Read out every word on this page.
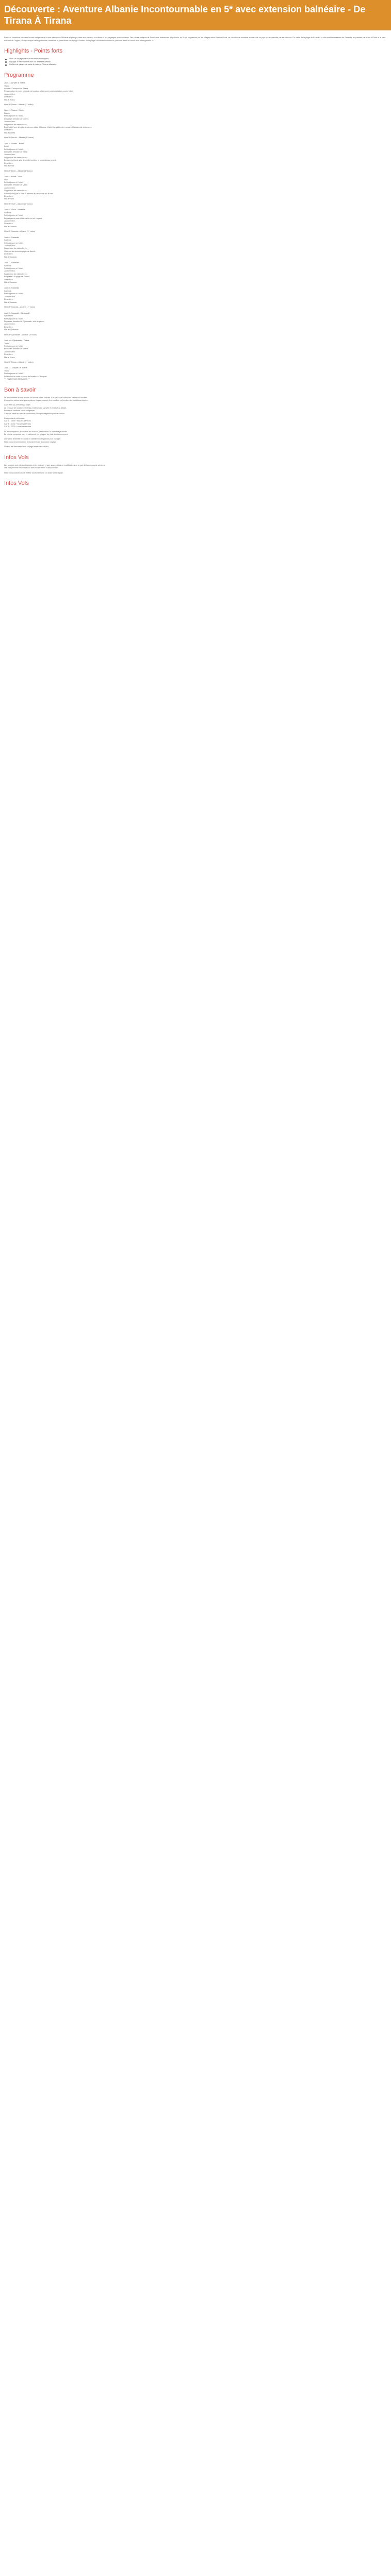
Découverte : Aventure Albanie Incontournable en 5* avec extension balnéaire - De Tirana À Tirana

Partez à l'aventure à travers le nord malgache de la mer découvrez l'Albanie et plongez dans son histoire, sa culture et ses paysages spectaculaires. Des ruines antiques de Durrës aux forteresses d'Apollonie, du Kruja en passant par les villages entre Vlorë et Berat, ce circuit vous emmène au cœur de ce pays qui surprendra par sa richesse. Du sable de la plage de Ksamil à la côte méditerranéenne de Saranda, en passant par le lac d'Ohrid et le parc national de Llogara, chaque étape mélange histoire, traditions et panoramas de voyage. Profitez de la plage à Ksamil et finissez ce parcours dans le confort d'un hébergement 5*.

Highlights - Points forts
Vivre un voyage entre la mer et les montagnes
Voyager à votre rythme avec un itinéraire détaillé
Profitez de plages de sable fin dans la Riviera albanaise
Programme
Jour 1 - Arrivée à Tirana

Tirana

Arrivée à l'aéroport de Tirana.

Récupération de votre véhicule de location à l'aéroport puis installation à votre hôtel.

Journée libre.

Dîner libre.

Nuit à Tirana.

Hôtel 5* Tirana – Albanie (1* inclus)

Jour 2 - Tirana - Durrës

Durrës

Petit-déjeuner à l'hôtel.

Départ en direction de Durrës.

Journée libre.

Suggestion de visites libres :

Durrës est l'une des plus anciennes villes d'Albanie. Visitez l'amphithéâtre romain et l'ensemble des ruines.

Dîner libre.

Nuit à Durrës.

Hôtel 5* Durrës – Albanie (1* inclus)

Jour 3 - Durrës - Berat

Berat

Petit-déjeuner à l'hôtel.

Départ en direction de Berat.

Journée libre.

Suggestion de visites libres :

Découvrez Berat, ville des mille fenêtres et son château perché.

Dîner libre.

Nuit à Berat.

Hôtel 5* Berat – Albanie (1* inclus)

Jour 4 - Berat - Vlora

Vlorë

Petit-déjeuner à l'hôtel.

Départ en direction de Vlora.

Journée libre.

Suggestion de visites libres :

Flânez le long de la côte et admirez le panorama sur la mer.

Dîner libre.

Nuit à Vlorë.

Hôtel 5* Vlorë – Albanie (1* inclus)

Jour 5 - Vlora - Saranda

Saranda

Petit-déjeuner à l'hôtel.

Départ par la route côtière et le col de Llogara.

Journée libre.

Dîner libre.

Nuit à Saranda.

Hôtel 5* Saranda – Albanie (1* inclus)

Jour 6 - Saranda

Saranda

Petit-déjeuner à l'hôtel.

Journée libre.

Suggestion de visites libres :

Visite du site archéologique de Butrint.

Dîner libre.

Nuit à Saranda.

Jour 7 - Saranda

Saranda

Petit-déjeuner à l'hôtel.

Journée libre.

Suggestion de visites libres :

Baignade à la plage de Ksamil.

Dîner libre.

Nuit à Saranda.

Jour 8 - Saranda

Saranda

Petit-déjeuner à l'hôtel.

Journée libre.

Dîner libre.

Nuit à Saranda.

Hôtel 5* Saranda – Albanie (1* inclus)

Jour 9 - Saranda - Gjirokastër

Gjirokastër

Petit-déjeuner à l'hôtel.

Départ en direction de Gjirokastër, ville de pierre.

Journée libre.

Dîner libre.

Nuit à Gjirokastër.

Hôtel 5* Gjirokastër – Albanie (1* inclus)

Jour 10 - Gjirokastër - Tirana

Tirana

Petit-déjeuner à l'hôtel.

Retour en direction de Tirana.

Journée libre.

Dîner libre.

Nuit à Tirana.

Hôtel 5* Tirana – Albanie (1* inclus)

Jour 11 - Départ De Tirana

Tirana

Petit-déjeuner à l'hôtel.

Restitution de votre véhicule de location à l'aéroport.

*** FIN DE NOS SERVICES ***

Bon à savoir

Le déroulement de nos circuits est donné à titre indicatif. Il se peut que l'ordre des visites soit modifié.

L'ordre des visites ainsi que certaines étapes peuvent être modifiés en fonction des conditions locales.

CAR RENTAL INFORMATIONS

Le véhicule de location est remis à l'aéroport à l'arrivée et restitué au départ.

Permis de conduire valide obligatoire.

Carte de crédit au nom du conducteur principal obligatoire pour la caution.

Catégories de véhicules :

CAT A - 1000 + tous les services

CAT B - 1000 + tous les services

CAT D - 7500 + tous les services

Le prix comprend : la location du véhicule, l'assurance, le kilométrage illimité.

Le prix ne comprend pas : le carburant, les péages, les frais de stationnement.

Une pièce d'identité en cours de validité est obligatoire pour voyager.

Nous vous recommandons de souscrire une assurance voyage.

Vérifiez les informations de voyage avant votre départ.

Infos Vols

Les horaires des vols sont donnés à titre indicatif et sont susceptibles de modifications de la part de la compagnie aérienne.

Les vols peuvent être directs ou avec escale selon la disponibilité.

Nous vous conseillons de vérifier vos horaires de vol avant votre départ.

Infos Vols
